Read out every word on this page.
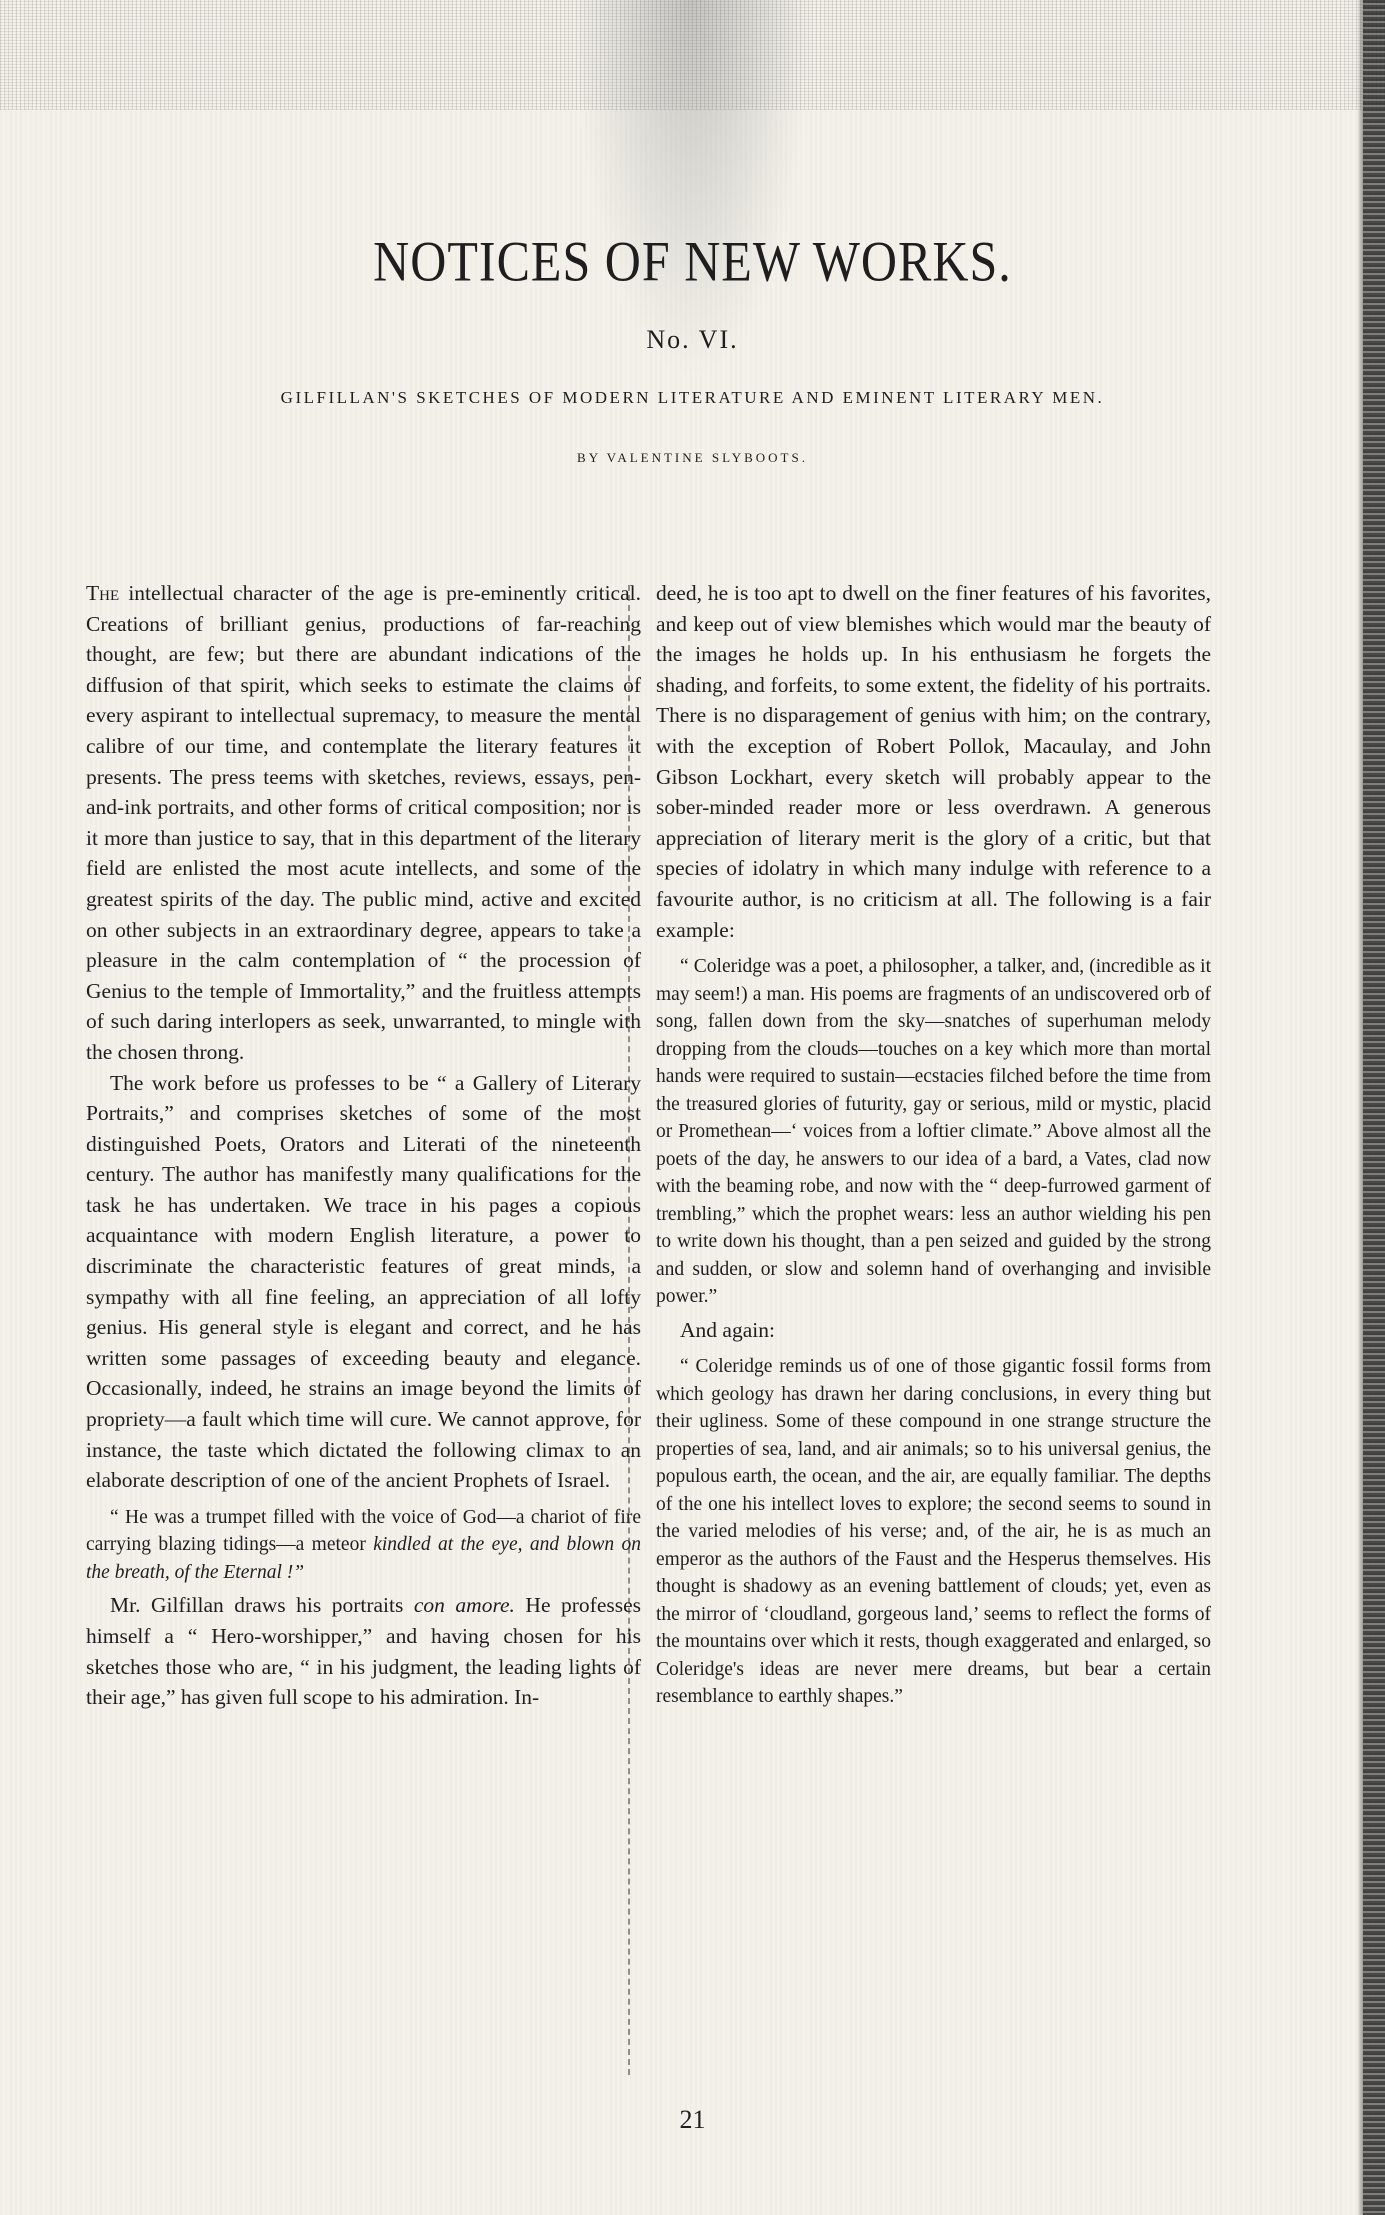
NOTICES OF NEW WORKS.
No. VI.
GILFILLAN'S SKETCHES OF MODERN LITERATURE AND EMINENT LITERARY MEN.
BY VALENTINE SLYBOOTS.

The intellectual character of the age is pre-eminently critical. Creations of brilliant genius, productions of far-reaching thought, are few; but there are abundant indications of the diffusion of that spirit, which seeks to estimate the claims of every aspirant to intellectual supremacy, to measure the mental calibre of our time, and contemplate the literary features it presents. The press teems with sketches, reviews, essays, pen-and-ink portraits, and other forms of critical composition; nor is it more than justice to say, that in this department of the literary field are enlisted the most acute intellects, and some of the greatest spirits of the day. The public mind, active and excited on other subjects in an extraordinary degree, appears to take a pleasure in the calm contemplation of “ the procession of Genius to the temple of Immortality,” and the fruitless attempts of such daring interlopers as seek, unwarranted, to mingle with the chosen throng.

The work before us professes to be “ a Gallery of Literary Portraits,” and comprises sketches of some of the most distinguished Poets, Orators and Literati of the nineteenth century. The author has manifestly many qualifications for the task he has undertaken. We trace in his pages a copious acquaintance with modern English literature, a power to discriminate the characteristic features of great minds, a sympathy with all fine feeling, an appreciation of all lofty genius. His general style is elegant and correct, and he has written some passages of exceeding beauty and elegance. Occasionally, indeed, he strains an image beyond the limits of propriety—a fault which time will cure. We cannot approve, for instance, the taste which dictated the following climax to an elaborate description of one of the ancient Prophets of Israel.

“ He was a trumpet filled with the voice of God—a chariot of fire carrying blazing tidings—a meteor kindled at the eye, and blown on the breath, of the Eternal !”

Mr. Gilfillan draws his portraits con amore. He professes himself a “ Hero-worshipper,” and having chosen for his sketches those who are, “ in his judgment, the leading lights of their age,” has given full scope to his admiration. In-

deed, he is too apt to dwell on the finer features of his favorites, and keep out of view blemishes which would mar the beauty of the images he holds up. In his enthusiasm he forgets the shading, and forfeits, to some extent, the fidelity of his portraits. There is no disparagement of genius with him; on the contrary, with the exception of Robert Pollok, Macaulay, and John Gibson Lockhart, every sketch will probably appear to the sober-minded reader more or less overdrawn. A generous appreciation of literary merit is the glory of a critic, but that species of idolatry in which many indulge with reference to a favourite author, is no criticism at all. The following is a fair example:

“ Coleridge was a poet, a philosopher, a talker, and, (incredible as it may seem!) a man. His poems are fragments of an undiscovered orb of song, fallen down from the sky—snatches of superhuman melody dropping from the clouds—touches on a key which more than mortal hands were required to sustain—ecstacies filched before the time from the treasured glories of futurity, gay or serious, mild or mystic, placid or Promethean—‘ voices from a loftier climate.” Above almost all the poets of the day, he answers to our idea of a bard, a Vates, clad now with the beaming robe, and now with the “ deep-furrowed garment of trembling,” which the prophet wears: less an author wielding his pen to write down his thought, than a pen seized and guided by the strong and sudden, or slow and solemn hand of overhanging and invisible power.”

And again:

“ Coleridge reminds us of one of those gigantic fossil forms from which geology has drawn her daring conclusions, in every thing but their ugliness. Some of these compound in one strange structure the properties of sea, land, and air animals; so to his universal genius, the populous earth, the ocean, and the air, are equally familiar. The depths of the one his intellect loves to explore; the second seems to sound in the varied melodies of his verse; and, of the air, he is as much an emperor as the authors of the Faust and the Hesperus themselves. His thought is shadowy as an evening battlement of clouds; yet, even as the mirror of ‘cloudland, gorgeous land,’ seems to reflect the forms of the mountains over which it rests, though exaggerated and enlarged, so Coleridge's ideas are never mere dreams, but bear a certain resemblance to earthly shapes.”

21
